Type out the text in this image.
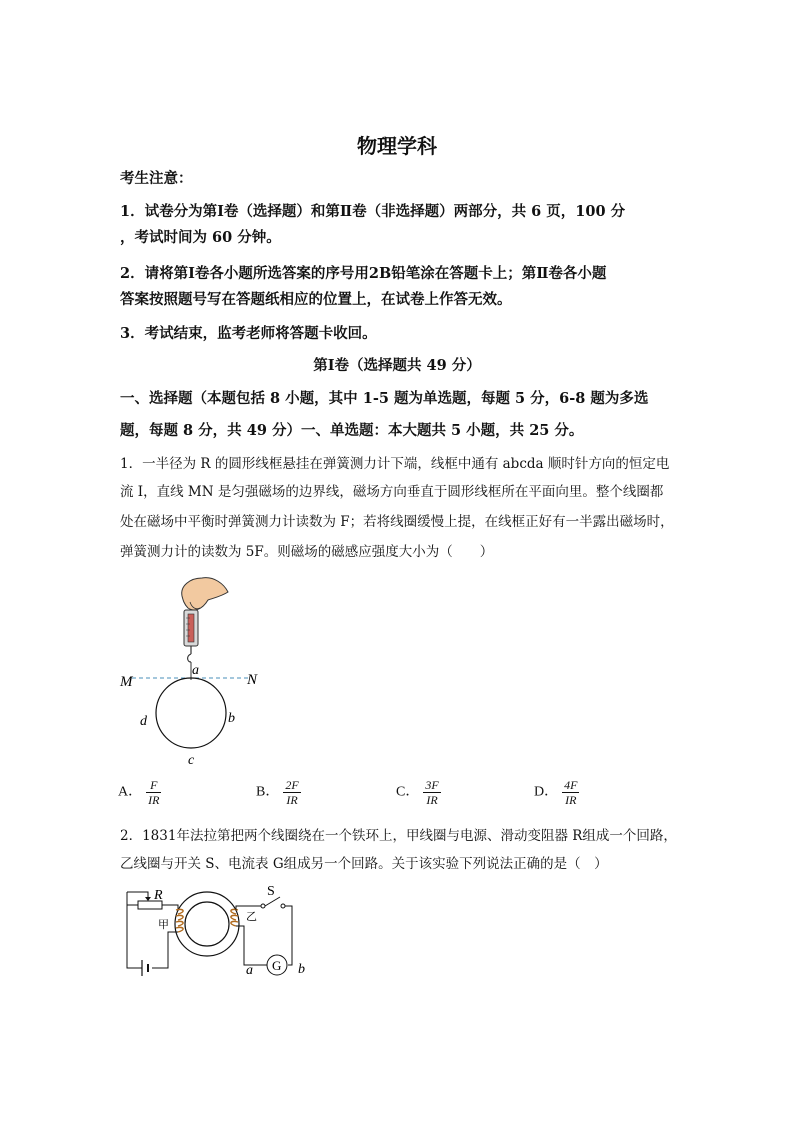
物理学科
考生注意：
1．试卷分为第Ⅰ卷（选择题）和第Ⅱ卷（非选择题）两部分，共 6 页，100 分
，考试时间为 60 分钟。
2．请将第Ⅰ卷各小题所选答案的序号用2B铅笔涂在答题卡上；第Ⅱ卷各小题
答案按照题号写在答题纸相应的位置上，在试卷上作答无效。
3．考试结束，监考老师将答题卡收回。
第Ⅰ卷（选择题共 49 分）
一、选择题（本题包括 8 小题，其中 1-5 题为单选题，每题 5 分，6-8 题为多选
题，每题 8 分，共 49 分）一、单选题：本大题共 5 小题，共 25 分。
1．一半径为 R 的圆形线框悬挂在弹簧测力计下端，线框中通有 abcda 顺时针方向的恒定电
流 I，直线 MN 是匀强磁场的边界线，磁场方向垂直于圆形线框所在平面向里。整个线圈都
处在磁场中平衡时弹簧测力计读数为 F；若将线圈缓慢上提，在线框正好有一半露出磁场时，
弹簧测力计的读数为 5F。则磁场的磁感应强度大小为（　　）
M	N
a
b
c
d
A． $\frac{F}{IR}$	B． $\frac{2F}{IR}$	C． $\frac{3F}{IR}$	D． $\frac{4F}{IR}$
2．1831年法拉第把两个线圈绕在一个铁环上，甲线圈与电源、滑动变阻器 R组成一个回路，
乙线圈与开关 S、电流表 G组成另一个回路。关于该实验下列说法正确的是（　）
R
甲
乙
S
G
a	b
